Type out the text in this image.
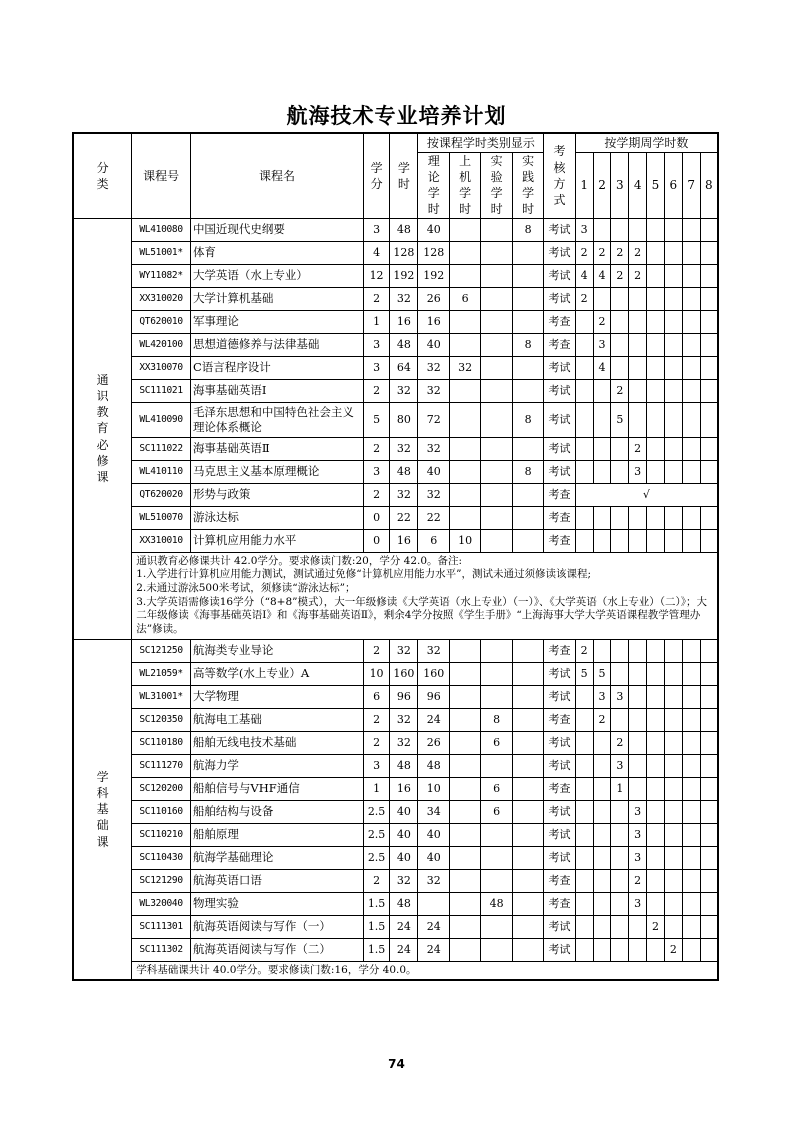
航海技术专业培养计划
分类	课程号	课程名	学分	学时	按课程学时类别显示				考核方式	按学期周学时数							
					理论学时	上机学时	实验学时	实践学时		1	2	3	4	5	6	7	8
通识教育必修课	WL410080	中国近现代史纲要	3	48	40			8	考试	3							
	WL51001*	体育	4	128	128				考试	2	2	2	2				
	WY11082*	大学英语（水上专业）	12	192	192				考试	4	4	2	2				
	XX310020	大学计算机基础	2	32	26	6			考试	2							
	QT620010	军事理论	1	16	16				考查		2						
	WL420100	思想道德修养与法律基础	3	48	40			8	考查		3						
	XX310070	C语言程序设计	3	64	32	32			考试		4						
	SC111021	海事基础英语Ⅰ	2	32	32				考试			2					
	WL410090	毛泽东思想和中国特色社会主义理论体系概论	5	80	72			8	考试			5					
	SC111022	海事基础英语Ⅱ	2	32	32				考试				2				
	WL410110	马克思主义基本原理概论	3	48	40			8	考试				3				
	QT620020	形势与政策	2	32	32				考查	√							
	WL510070	游泳达标	0	22	22				考查								
	XX310010	计算机应用能力水平	0	16	6	10			考查								

	通识教育必修课共计 42.0学分。要求修读门数:20，学分 42.0。备注:
1.入学进行计算机应用能力测试，测试通过免修“计算机应用能力水平”，测试未通过须修读该课程;
2.未通过游泳500米考试，须修读“游泳达标”；
3.大学英语需修读16学分（“8+8”模式），大一年级修读《大学英语（水上专业）（一）》、《大学英语（水上专业）（二）》；大二年级修读《海事基础英语Ⅰ》和《海事基础英语Ⅱ》，剩余4学分按照《学生手册》“上海海事大学大学英语课程教学管理办法”修读。																

学科基础课	SC121250	航海类专业导论	2	32	32				考查	2							
	WL21059*	高等数学(水上专业）A	10	160	160				考试	5	5						
	WL31001*	大学物理	6	96	96				考试		3	3					
	SC120350	航海电工基础	2	32	24		8		考查		2						
	SC110180	船舶无线电技术基础	2	32	26		6		考试			2					
	SC111270	航海力学	3	48	48				考试			3					
	SC120200	船舶信号与VHF通信	1	16	10		6		考查			1					
	SC110160	船舶结构与设备	2.5	40	34		6		考试				3				
	SC110210	船舶原理	2.5	40	40				考试				3				
	SC110430	航海学基础理论	2.5	40	40				考试				3				
	SC121290	航海英语口语	2	32	32				考查				2				
	WL320040	物理实验	1.5	48			48		考查				3				
	SC111301	航海英语阅读与写作（一）	1.5	24	24				考试					2			
	SC111302	航海英语阅读与写作（二）	1.5	24	24				考试						2		

	学科基础课共计 40.0学分。要求修读门数:16，学分 40.0。																
74
